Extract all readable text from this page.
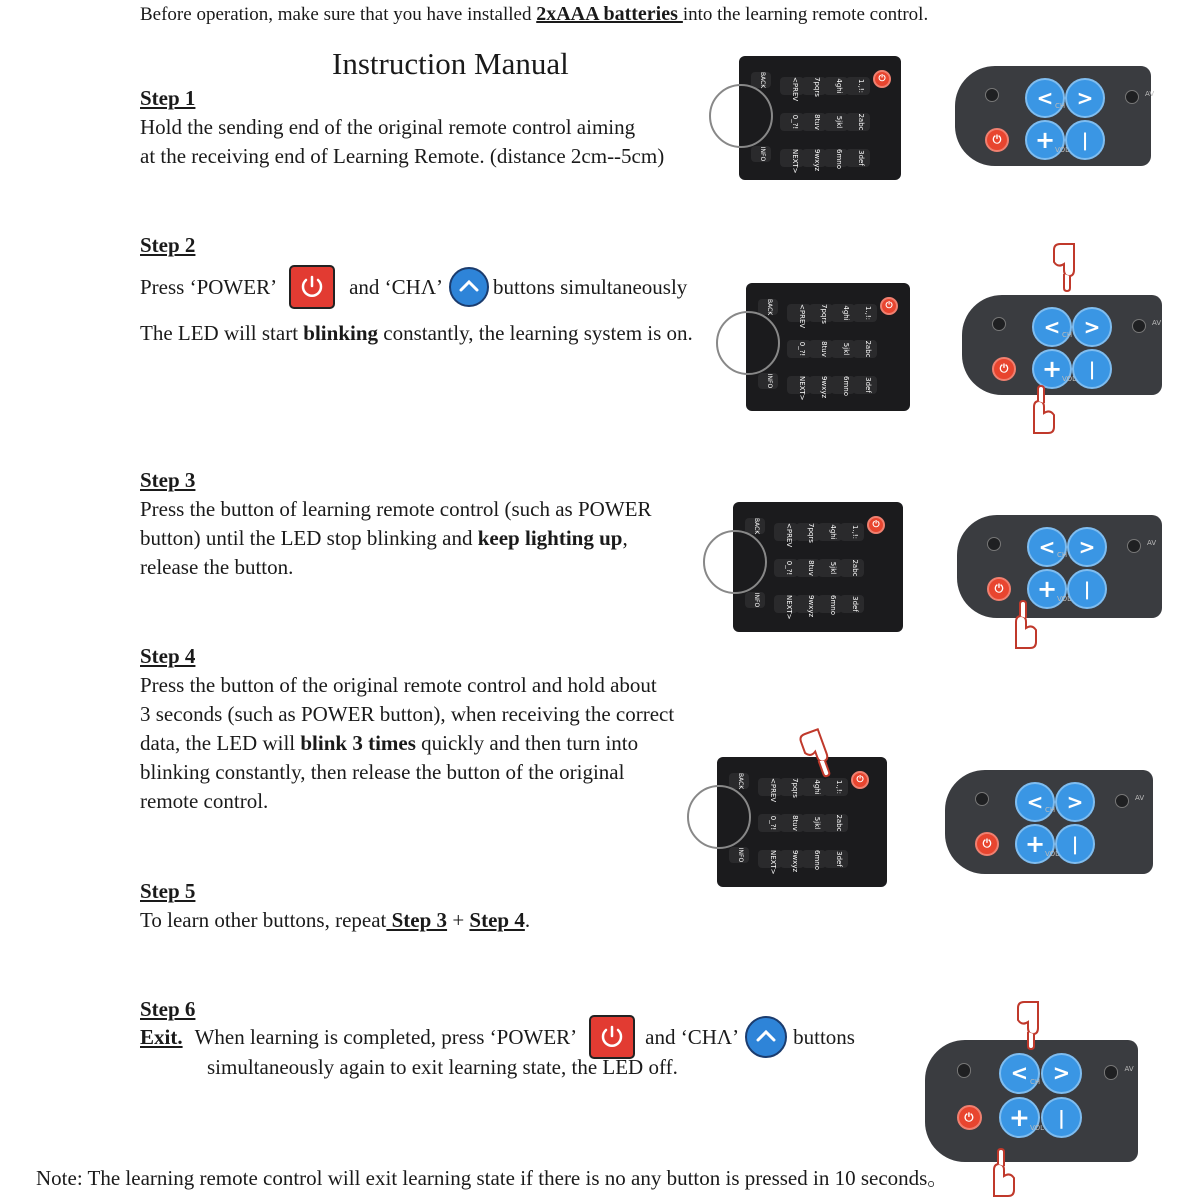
Before operation, make sure that you have installed 2xAAA batteries into the learning remote control.
Instruction Manual
Step 1
Hold the sending end of the original remote control aiming
at the receiving end of Learning Remote. (distance 2cm--5cm)
Step 2
Press ‘POWER’	and ‘CHΛ’ buttons simultaneously
The LED will start blinking constantly, the learning system is on.
Step 3
Press the button of learning remote control (such as POWER
button) until the LED stop blinking and keep lighting up,
release the button.
Step 4
Press the button of the original remote control and hold about
3 seconds (such as POWER button), when receiving the correct
data, the LED will blink 3 times quickly and then turn into
blinking constantly, then release the button of the original
remote control.
Step 5
To learn other buttons, repeat Step 3 + Step 4.
Step 6
Exit. When learning is completed, press ‘POWER’	and ‘CHΛ’	buttons
simultaneously again to exit learning state, the LED off.
Note: The learning remote control will exit learning state if there is no any button is pressed in 10 seconds。
1.,!:
2abc
3def
4ghi
5jkl
6mno
7pqrs
8tuv
9wxyz
<PREV
0_?!
NEXT>
⏻
BACK
INFO
1.,!:
2abc
3def
4ghi
5jkl
6mno
7pqrs
8tuv
9wxyz
<PREV
0_?!
NEXT>
⏻
BACK
INFO
1.,!:
2abc
3def
4ghi
5jkl
6mno
7pqrs
8tuv
9wxyz
<PREV
0_?!
NEXT>
⏻
BACK
INFO
1.,!:
2abc
3def
4ghi
5jkl
6mno
7pqrs
8tuv
9wxyz
<PREV
0_?!
NEXT>
⏻
BACK
INFO
<	>
+	|
⏻
CH
VOL
AV
<	>
+	|
⏻
CH
VOL
AV
<	>
+	|
⏻
CH
VOL
AV
<	>
+	|
⏻
CH
VOL
AV
<	>
+	|
⏻
CH
VOL
AV
